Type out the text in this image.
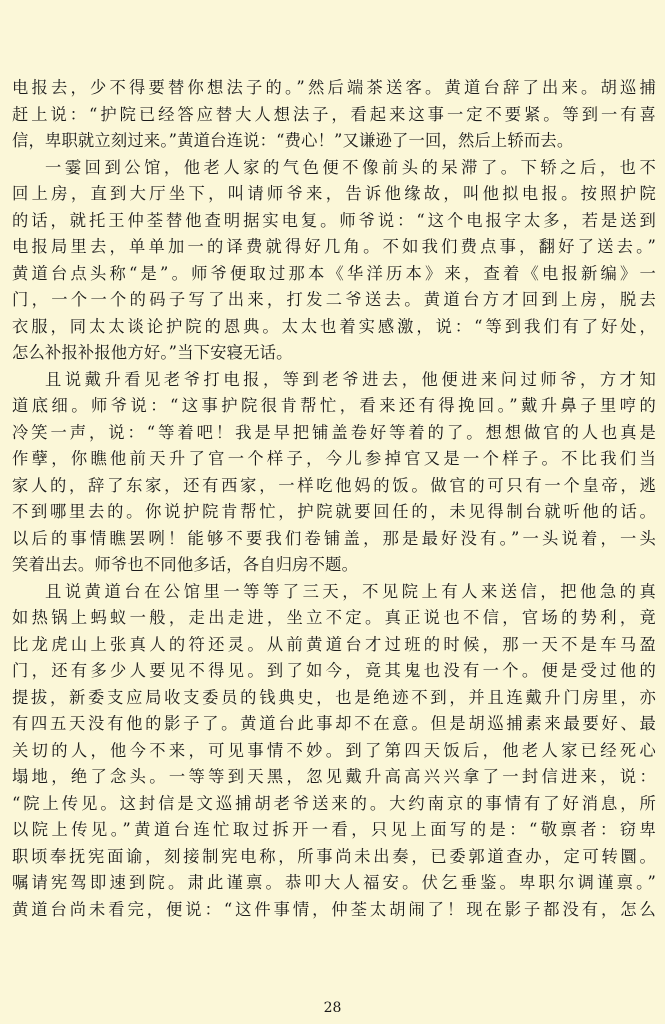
电报去，少不得要替你想法子的。”然后端茶送客。黄道台辞了出来。胡巡捕
赶上说：“护院已经答应替大人想法子，看起来这事一定不要紧。等到一有喜
信，卑职就立刻过来。”黄道台连说：“费心！”又谦逊了一回，然后上轿而去。
一霎回到公馆，他老人家的气色便不像前头的呆滞了。下轿之后，也不
回上房，直到大厅坐下，叫请师爷来，告诉他缘故，叫他拟电报。按照护院
的话，就托王仲荃替他查明据实电复。师爷说：“这个电报字太多，若是送到
电报局里去，单单加一的译费就得好几角。不如我们费点事，翻好了送去。”
黄道台点头称“是”。师爷便取过那本《华洋历本》来，查着《电报新编》一
门，一个一个的码子写了出来，打发二爷送去。黄道台方才回到上房，脱去
衣服，同太太谈论护院的恩典。太太也着实感激，说：“等到我们有了好处，
怎么补报补报他方好。”当下安寝无话。
且说戴升看见老爷打电报，等到老爷进去，他便进来问过师爷，方才知
道底细。师爷说：“这事护院很肯帮忙，看来还有得挽回。”戴升鼻子里哼的
冷笑一声，说：“等着吧！我是早把铺盖卷好等着的了。想想做官的人也真是
作孽，你瞧他前天升了官一个样子，今儿参掉官又是一个样子。不比我们当
家人的，辞了东家，还有西家，一样吃他妈的饭。做官的可只有一个皇帝，逃
不到哪里去的。你说护院肯帮忙，护院就要回任的，未见得制台就听他的话。
以后的事情瞧罢咧！能够不要我们卷铺盖，那是最好没有。”一头说着，一头
笑着出去。师爷也不同他多话，各自归房不题。
且说黄道台在公馆里一等等了三天，不见院上有人来送信，把他急的真
如热锅上蚂蚁一般，走出走进，坐立不定。真正说也不信，官场的势利，竟
比龙虎山上张真人的符还灵。从前黄道台才过班的时候，那一天不是车马盈
门，还有多少人要见不得见。到了如今，竟其鬼也没有一个。便是受过他的
提拔，新委支应局收支委员的钱典史，也是绝迹不到，并且连戴升门房里，亦
有四五天没有他的影子了。黄道台此事却不在意。但是胡巡捕素来最要好、最
关切的人，他今不来，可见事情不妙。到了第四天饭后，他老人家已经死心
塌地，绝了念头。一等等到天黑，忽见戴升高高兴兴拿了一封信进来，说：
“院上传见。这封信是文巡捕胡老爷送来的。大约南京的事情有了好消息，所
以院上传见。”黄道台连忙取过拆开一看，只见上面写的是：“敬禀者：窃卑
职顷奉抚宪面谕，刻接制宪电称，所事尚未出奏，已委郭道查办，定可转圜。
嘱请宪驾即速到院。肃此谨禀。恭叩大人福安。伏乞垂鉴。卑职尔调谨禀。”
黄道台尚未看完，便说：“这件事情，仲荃太胡闹了！现在影子都没有，怎么
28
